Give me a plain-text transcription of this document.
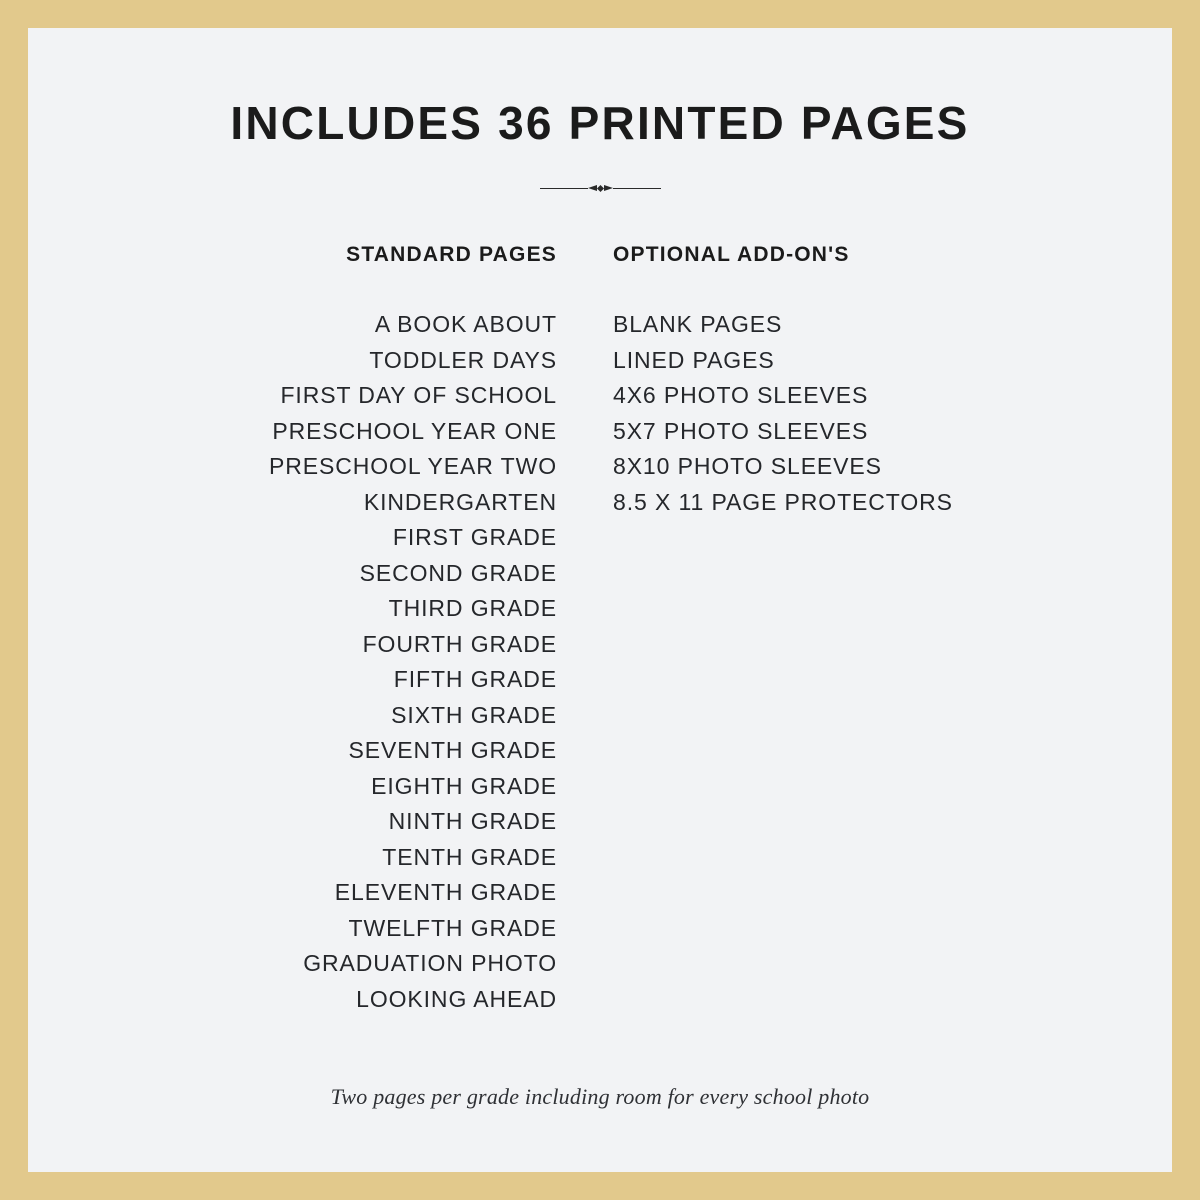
INCLUDES 36 PRINTED PAGES
STANDARD PAGES
A BOOK ABOUT
TODDLER DAYS
FIRST DAY OF SCHOOL
PRESCHOOL YEAR ONE
PRESCHOOL YEAR TWO
KINDERGARTEN
FIRST GRADE
SECOND GRADE
THIRD GRADE
FOURTH GRADE
FIFTH GRADE
SIXTH GRADE
SEVENTH GRADE
EIGHTH GRADE
NINTH GRADE
TENTH GRADE
ELEVENTH GRADE
TWELFTH GRADE
GRADUATION PHOTO
LOOKING AHEAD
OPTIONAL ADD-ON'S
BLANK PAGES
LINED PAGES
4X6 PHOTO SLEEVES
5X7 PHOTO SLEEVES
8X10 PHOTO SLEEVES
8.5 X 11 PAGE PROTECTORS
Two pages per grade including room for every school photo
